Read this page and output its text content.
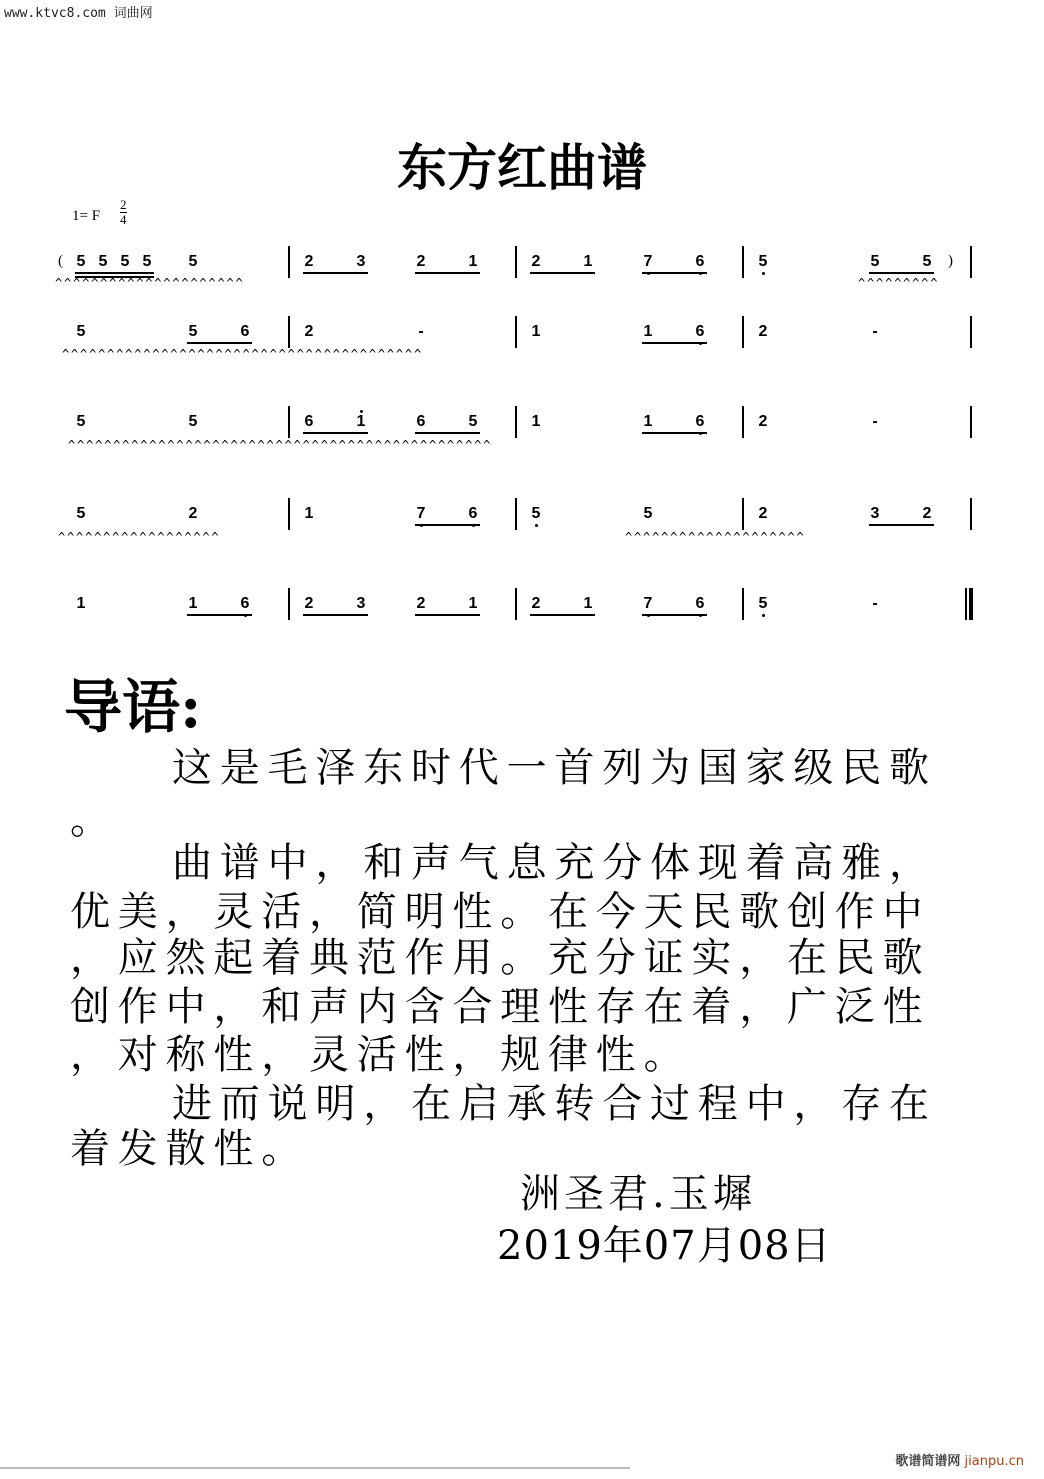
www.ktvc8.com 词曲网
东方红曲谱
1= F
2
4
( 5 5 5 5 5	2	3	2	1	2	1	7	6	5	5	5 )
^^^^^^^^^^^^^^^^^^^^^	^^^^^^^^^
5	5	6	2	-	1	1	6	2	-
^^^^^^^^^^^^^^^^^^^^^^^^^^^^^^^^^^^^^^^^
5	5	6	1	6	5	1	1	6	2	-
^^^^^^^^^^^^^^^^^^^^^^^^^^^^^^^^^^^^^^^^^^^^^^^
5	2	1	7	6	5	5	2	3	2
^^^^^^^^^^^^^^^^^^	^^^^^^^^^^^^^^^^^^^^
1	1	6	2	3	2	1	2	1	7	6	5	-
导语:
这是毛泽东时代一首列为国家级民歌
。
曲谱中，和声气息充分体现着高雅，
优美，灵活，简明性。在今天民歌创作中
，应然起着典范作用。充分证实，在民歌
创作中，和声内含合理性存在着，广泛性
，对称性，灵活性，规律性。
进而说明，在启承转合过程中，存在
着发散性。
洲圣君.玉墀
2019年07月08日
歌谱简谱网 jianpu.cn
